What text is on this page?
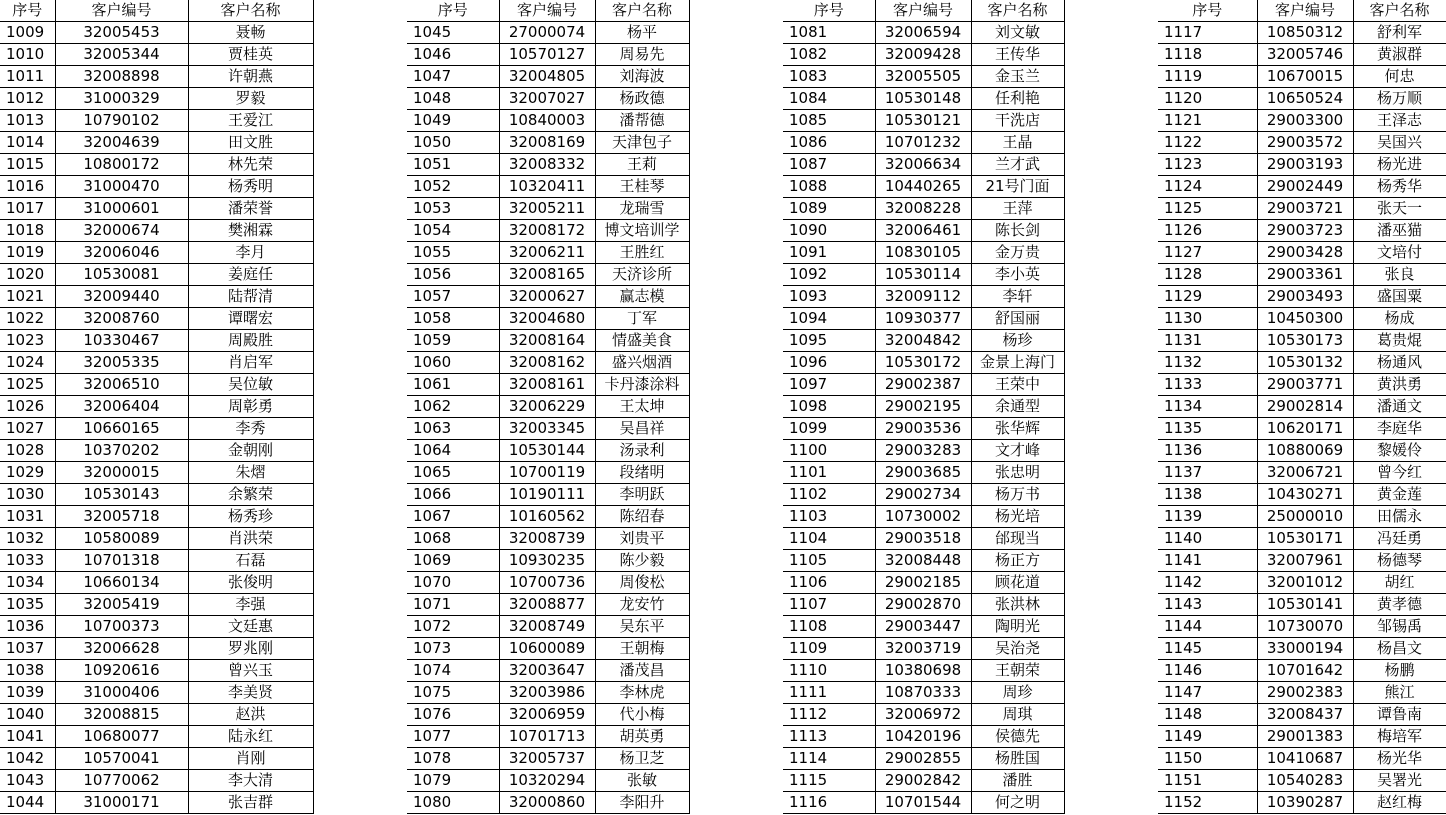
序号	客户编号	客户名称
1009	32005453	聂畅
1010	32005344	贾桂英
1011	32008898	许朝燕
1012	31000329	罗毅
1013	10790102	王爱江
1014	32004639	田文胜
1015	10800172	林先荣
1016	31000470	杨秀明
1017	31000601	潘荣誉
1018	32000674	樊湘霖
1019	32006046	李月
1020	10530081	姜庭任
1021	32009440	陆帮清
1022	32008760	谭曙宏
1023	10330467	周殿胜
1024	32005335	肖启军
1025	32006510	吴位敏
1026	32006404	周彰勇
1027	10660165	李秀
1028	10370202	金朝刚
1029	32000015	朱熠
1030	10530143	余繁荣
1031	32005718	杨秀珍
1032	10580089	肖洪荣
1033	10701318	石磊
1034	10660134	张俊明
1035	32005419	李强
1036	10700373	文廷惠
1037	32006628	罗兆刚
1038	10920616	曾兴玉
1039	31000406	李美贤
1040	32008815	赵洪
1041	10680077	陆永红
1042	10570041	肖刚
1043	10770062	李大清
1044	31000171	张吉群
序号	客户编号	客户名称
1045	27000074	杨平
1046	10570127	周易先
1047	32004805	刘海波
1048	32007027	杨政德
1049	10840003	潘帮德
1050	32008169	天津包子
1051	32008332	王莉
1052	10320411	王桂琴
1053	32005211	龙瑞雪
1054	32008172	博文培训学
1055	32006211	王胜红
1056	32008165	天济诊所
1057	32000627	赢志模
1058	32004680	丁军
1059	32008164	情盛美食
1060	32008162	盛兴烟酒
1061	32008161	卡丹漆涂料
1062	32006229	王太坤
1063	32003345	吴昌祥
1064	10530144	汤录利
1065	10700119	段绪明
1066	10190111	李明跃
1067	10160562	陈绍春
1068	32008739	刘贵平
1069	10930235	陈少毅
1070	10700736	周俊松
1071	32008877	龙安竹
1072	32008749	吴东平
1073	10600089	王朝梅
1074	32003647	潘茂昌
1075	32003986	李林虎
1076	32006959	代小梅
1077	10701713	胡英勇
1078	32005737	杨卫芝
1079	10320294	张敏
1080	32000860	李阳升
序号	客户编号	客户名称
1081	32006594	刘文敏
1082	32009428	王传华
1083	32005505	金玉兰
1084	10530148	任利艳
1085	10530121	干洗店
1086	10701232	王晶
1087	32006634	兰才武
1088	10440265	21号门面
1089	32008228	王萍
1090	32006461	陈长剑
1091	10830105	金万贵
1092	10530114	李小英
1093	32009112	李轩
1094	10930377	舒国丽
1095	32004842	杨珍
1096	10530172	金景上海门
1097	29002387	王荣中
1098	29002195	余通型
1099	29003536	张华辉
1100	29003283	文才峰
1101	29003685	张忠明
1102	29002734	杨万书
1103	10730002	杨光培
1104	29003518	邰现当
1105	32008448	杨正方
1106	29002185	顾花道
1107	29002870	张洪林
1108	29003447	陶明光
1109	32003719	吴治尧
1110	10380698	王朝荣
1111	10870333	周珍
1112	32006972	周琪
1113	10420196	侯德先
1114	29002855	杨胜国
1115	29002842	潘胜
1116	10701544	何之明
序号	客户编号	客户名称
1117	10850312	舒利军
1118	32005746	黄淑群
1119	10670015	何忠
1120	10650524	杨万顺
1121	29003300	王泽志
1122	29003572	吴国兴
1123	29003193	杨光进
1124	29002449	杨秀华
1125	29003721	张天一
1126	29003723	潘巫猫
1127	29003428	文培付
1128	29003361	张良
1129	29003493	盛国粟
1130	10450300	杨成
1131	10530173	葛贵焜
1132	10530132	杨通风
1133	29003771	黄洪勇
1134	29002814	潘通文
1135	10620171	李庭华
1136	10880069	黎媛伶
1137	32006721	曾今红
1138	10430271	黄金莲
1139	25000010	田儒永
1140	10530171	冯廷勇
1141	32007961	杨德琴
1142	32001012	胡红
1143	10530141	黄孝德
1144	10730070	邹锡禹
1145	33000194	杨昌文
1146	10701642	杨鹏
1147	29002383	熊江
1148	32008437	谭鲁南
1149	29001383	梅培军
1150	10410687	杨光华
1151	10540283	吴署光
1152	10390287	赵红梅
